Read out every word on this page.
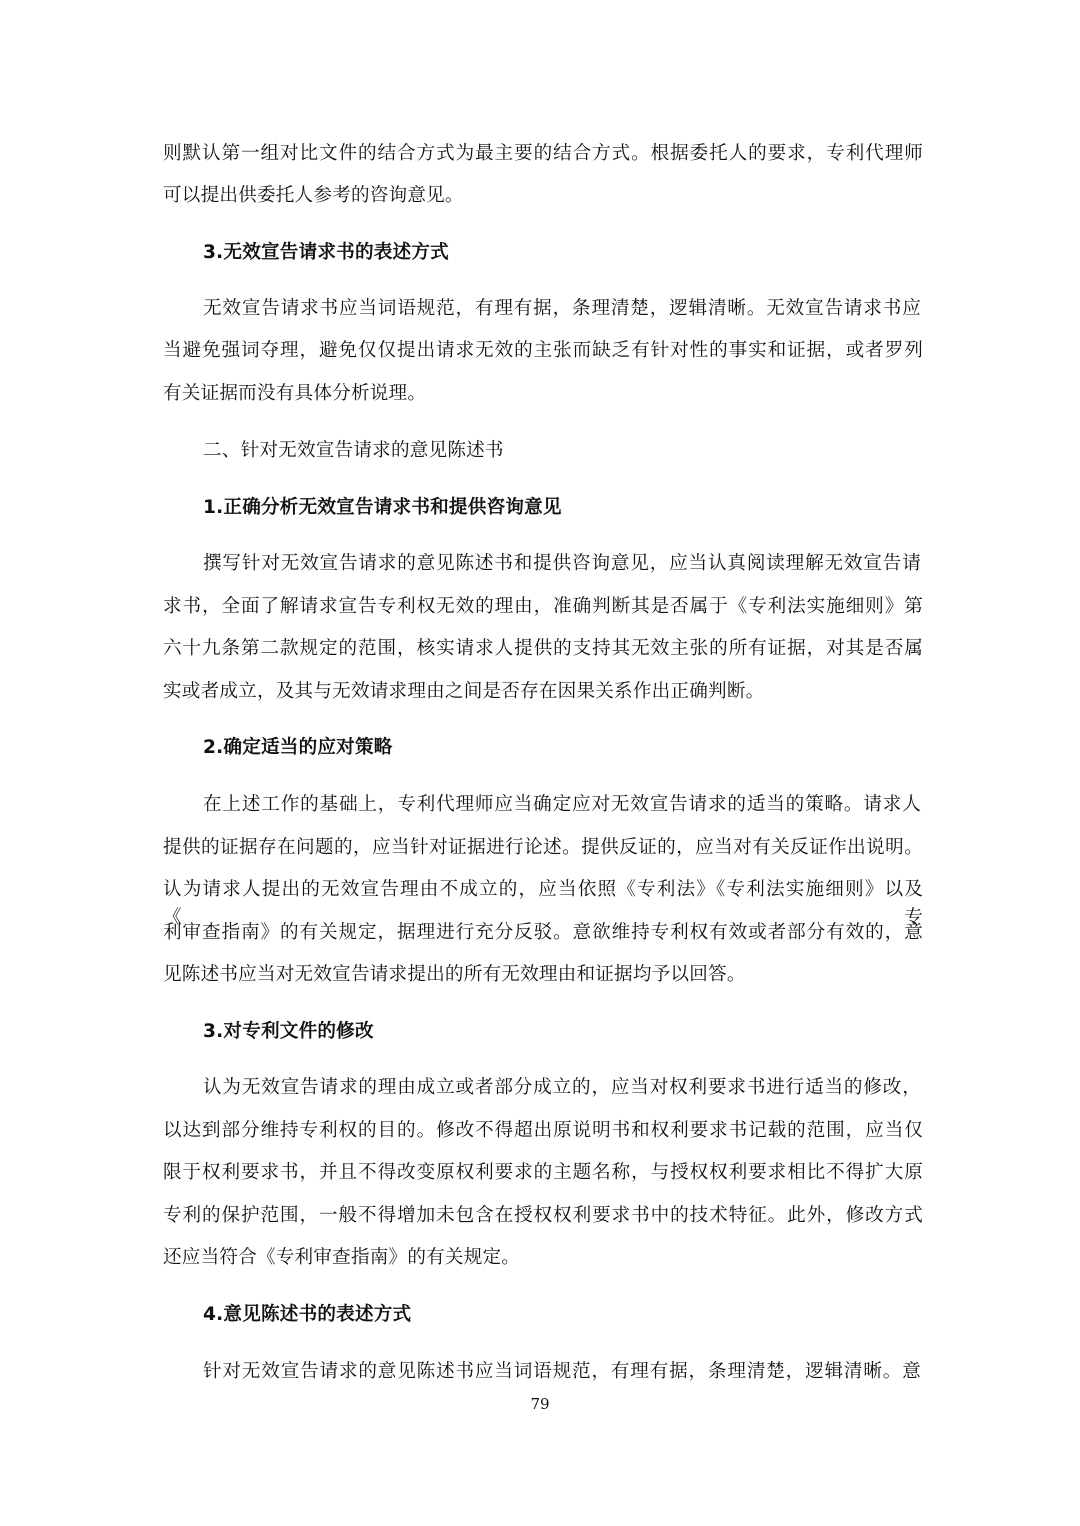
则默认第一组对比文件的结合方式为最主要的结合方式。根据委托人的要求，专利代理师
可以提出供委托人参考的咨询意见。
3.无效宣告请求书的表述方式
无效宣告请求书应当词语规范，有理有据，条理清楚，逻辑清晰。无效宣告请求书应
当避免强词夺理，避免仅仅提出请求无效的主张而缺乏有针对性的事实和证据，或者罗列
有关证据而没有具体分析说理。
二、针对无效宣告请求的意见陈述书
1.正确分析无效宣告请求书和提供咨询意见
撰写针对无效宣告请求的意见陈述书和提供咨询意见，应当认真阅读理解无效宣告请
求书，全面了解请求宣告专利权无效的理由，准确判断其是否属于《专利法实施细则》第
六十九条第二款规定的范围，核实请求人提供的支持其无效主张的所有证据，对其是否属
实或者成立，及其与无效请求理由之间是否存在因果关系作出正确判断。
2.确定适当的应对策略
在上述工作的基础上，专利代理师应当确定应对无效宣告请求的适当的策略。请求人
提供的证据存在问题的，应当针对证据进行论述。提供反证的，应当对有关反证作出说明。
认为请求人提出的无效宣告理由不成立的，应当依照《专利法》《专利法实施细则》以及《专
利审查指南》的有关规定，据理进行充分反驳。意欲维持专利权有效或者部分有效的，意
见陈述书应当对无效宣告请求提出的所有无效理由和证据均予以回答。
3.对专利文件的修改
认为无效宣告请求的理由成立或者部分成立的，应当对权利要求书进行适当的修改，
以达到部分维持专利权的目的。修改不得超出原说明书和权利要求书记载的范围，应当仅
限于权利要求书，并且不得改变原权利要求的主题名称，与授权权利要求相比不得扩大原
专利的保护范围，一般不得增加未包含在授权权利要求书中的技术特征。此外，修改方式
还应当符合《专利审查指南》的有关规定。
4.意见陈述书的表述方式
针对无效宣告请求的意见陈述书应当词语规范，有理有据，条理清楚，逻辑清晰。意
79
